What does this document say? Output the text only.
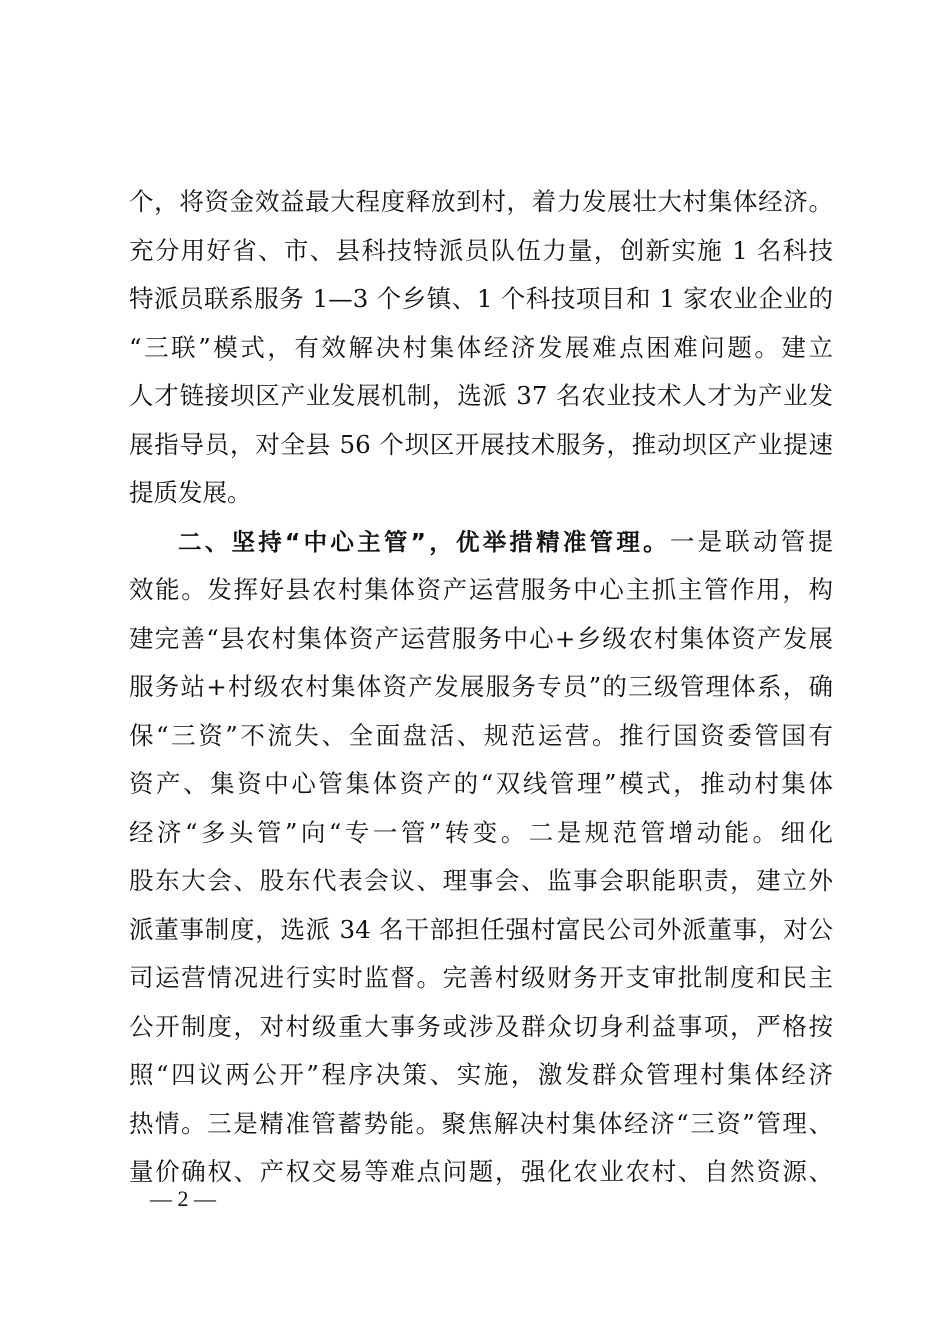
个，将资金效益最大程度释放到村，着力发展壮大村集体经济。
充分用好省、市、县科技特派员队伍力量，创新实施 1 名科技
特派员联系服务 1—3 个乡镇、1 个科技项目和 1 家农业企业的
“三联”模式，有效解决村集体经济发展难点困难问题。建立
人才链接坝区产业发展机制，选派 37 名农业技术人才为产业发
展指导员，对全县 56 个坝区开展技术服务，推动坝区产业提速
提质发展。
二、坚持“中心主管”，优举措精准管理。一是联动管提
效能。发挥好县农村集体资产运营服务中心主抓主管作用，构
建完善“县农村集体资产运营服务中心+乡级农村集体资产发展
服务站+村级农村集体资产发展服务专员”的三级管理体系，确
保“三资”不流失、全面盘活、规范运营。推行国资委管国有
资产、集资中心管集体资产的“双线管理”模式，推动村集体
经济“多头管”向“专一管”转变。二是规范管增动能。细化
股东大会、股东代表会议、理事会、监事会职能职责，建立外
派董事制度，选派 34 名干部担任强村富民公司外派董事，对公
司运营情况进行实时监督。完善村级财务开支审批制度和民主
公开制度，对村级重大事务或涉及群众切身利益事项，严格按
照“四议两公开”程序决策、实施，激发群众管理村集体经济
热情。三是精准管蓄势能。聚焦解决村集体经济“三资”管理、
量价确权、产权交易等难点问题，强化农业农村、自然资源、
— 2 —
